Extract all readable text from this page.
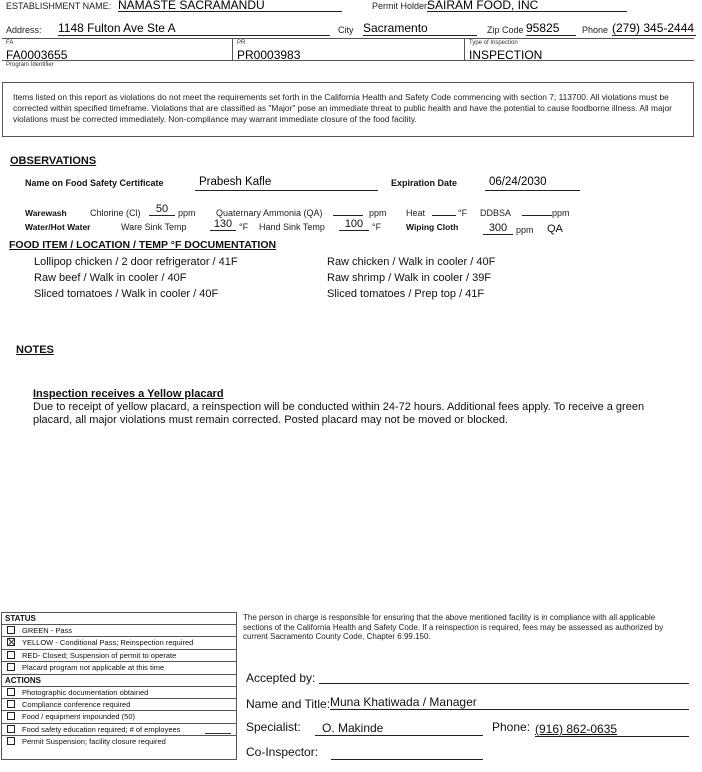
ESTABLISHMENT NAME: NAMASTE SACRAMANDU	Permit Holder:
SAIRAM FOOD, INC
Address: 1148 Fulton Ave Ste A	City Sacramento	Zip Code 95825	Phone (279) 345-2444
FA
FA0003655
PR
PR0003983
Type of Inspection
INSPECTION
Program Identifier
Items listed on this report as violations do not meet the requirements set forth in the California Health and Safety Code commencing with section 7; 113700. All violations must be corrected within specified timeframe. Violations that are classified as "Major" pose an immediate threat to public health and have the potential to cause foodborne illness. All major violations must be corrected immediately. Non-compliance may warrant immediate closure of the food facility.
OBSERVATIONS
Name on Food Safety Certificate	Prabesh Kafle	Expiration Date	06/24/2030
Warewash	Chlorine (Cl)	50	ppm Quaternary Ammonia (QA)	ppm Heat	°F DDBSA	ppm
Water/Hot Water	Ware Sink Temp	130 °F Hand Sink Temp	100 °F	Wiping Cloth	300 ppm QA
FOOD ITEM / LOCATION / TEMP °F DOCUMENTATION
Lollipop chicken / 2 door refrigerator / 41F
Raw beef / Walk in cooler / 40F
Sliced tomatoes / Walk in cooler / 40F
Raw chicken / Walk in cooler / 40F
Raw shrimp / Walk in cooler / 39F
Sliced tomatoes / Prep top / 41F
NOTES
Inspection receives a Yellow placard
Due to receipt of yellow placard, a reinspection will be conducted within 24-72 hours. Additional fees apply. To receive a green placard, all major violations must remain corrected. Posted placard may not be moved or blocked.
STATUS
GREEN - Pass
YELLOW - Conditional Pass; Reinspection required
RED- Closed; Suspension of permit to operate
Placard program not applicable at this time
ACTIONS
Photographic documentation obtained
Compliance conference required
Food / equipment impounded (50)
Food safety education required; # of employees
Permit Suspension; facility closure required
The person in charge is responsible for ensuring that the above mentioned facility is in compliance with all applicable sections of the California Health and Safety Code. If a reinspection is required, fees may be assessed as authorized by current Sacramento County Code, Chapter 6.99.150.
Accepted by:
Name and Title: Muna Khatiwada / Manager
Specialist:	O. Makinde	Phone: (916) 862-0635
Co-Inspector:
